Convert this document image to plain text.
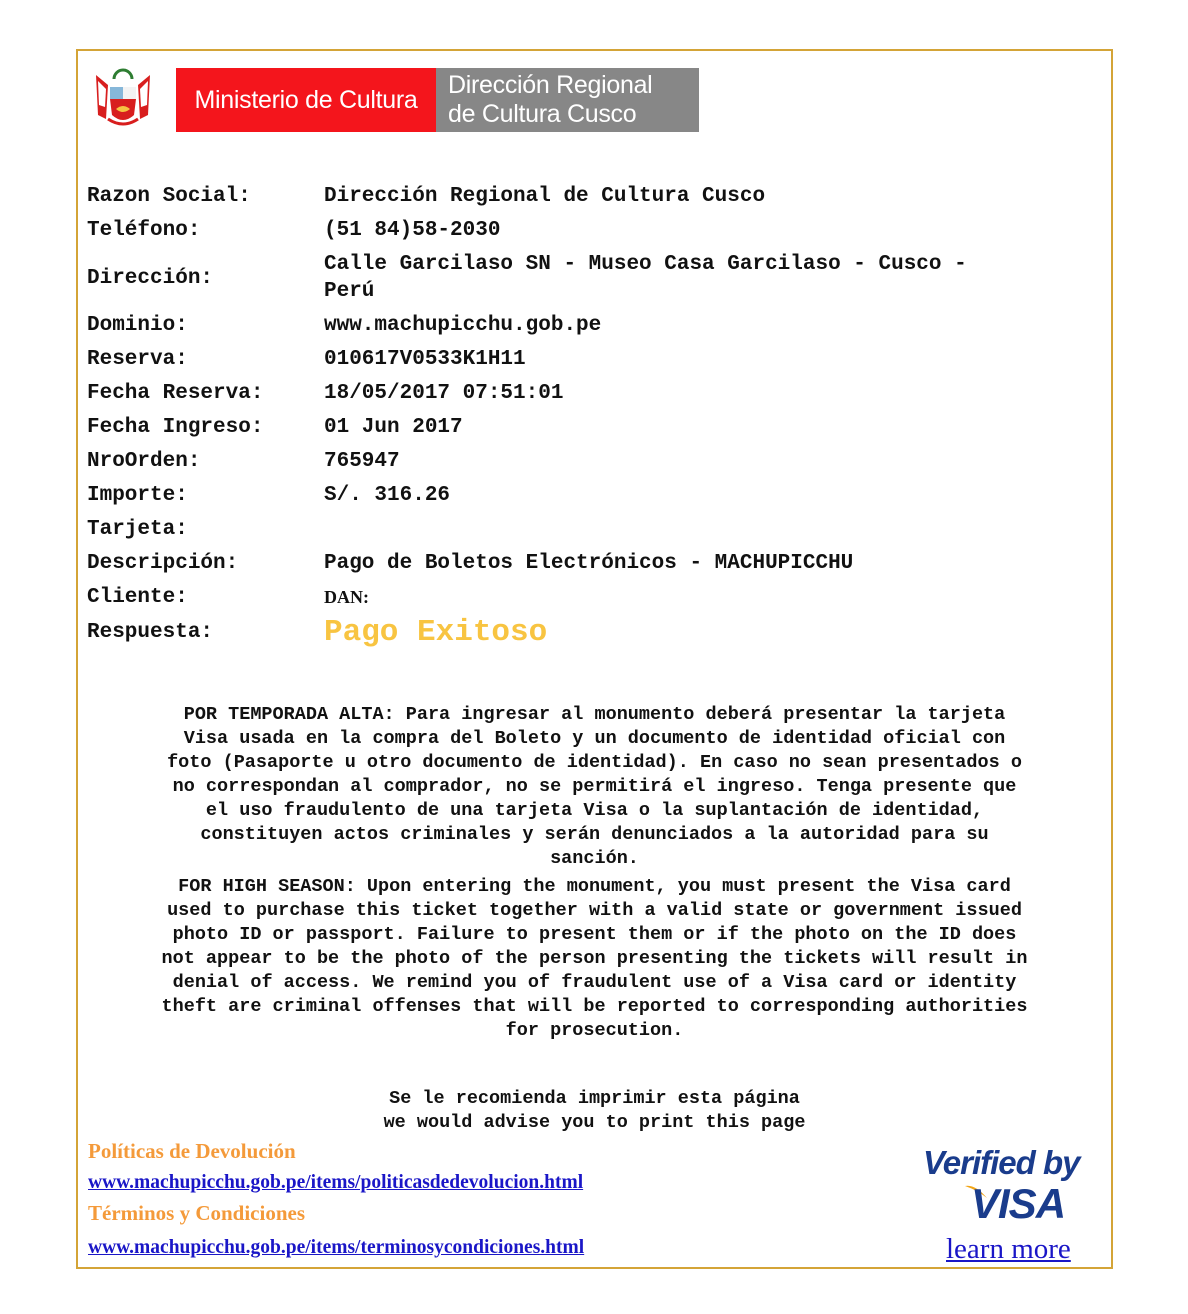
Ministerio de Cultura
Dirección Regional
de Cultura Cusco
Razon Social:	Dirección Regional de Cultura Cusco
Teléfono:	(51 84)58-2030
Dirección:
Calle Garcilaso SN - Museo Casa Garcilaso - Cusco -
Perú
Dominio:	www.machupicchu.gob.pe
Reserva:	010617V0533K1H11
Fecha Reserva:	18/05/2017 07:51:01
Fecha Ingreso:	01 Jun 2017
NroOrden:	765947
Importe:	S/. 316.26
Tarjeta:
Descripción:	Pago de Boletos Electrónicos - MACHUPICCHU
Cliente:	DAN:
Respuesta:	Pago Exitoso
POR TEMPORADA ALTA: Para ingresar al monumento deberá presentar la tarjeta
Visa usada en la compra del Boleto y un documento de identidad oficial con
foto (Pasaporte u otro documento de identidad). En caso no sean presentados o
no correspondan al comprador, no se permitirá el ingreso. Tenga presente que
el uso fraudulento de una tarjeta Visa o la suplantación de identidad,
constituyen actos criminales y serán denunciados a la autoridad para su
sanción.
FOR HIGH SEASON: Upon entering the monument, you must present the Visa card
used to purchase this ticket together with a valid state or government issued
photo ID or passport. Failure to present them or if the photo on the ID does
not appear to be the photo of the person presenting the tickets will result in
denial of access. We remind you of fraudulent use of a Visa card or identity
theft are criminal offenses that will be reported to corresponding authorities
for prosecution.
Se le recomienda imprimir esta página
we would advise you to print this page
Políticas de Devolución
www.machupicchu.gob.pe/items/politicasdedevolucion.html
Términos y Condiciones
www.machupicchu.gob.pe/items/terminosycondiciones.html
Verified by
VISA
learn more
